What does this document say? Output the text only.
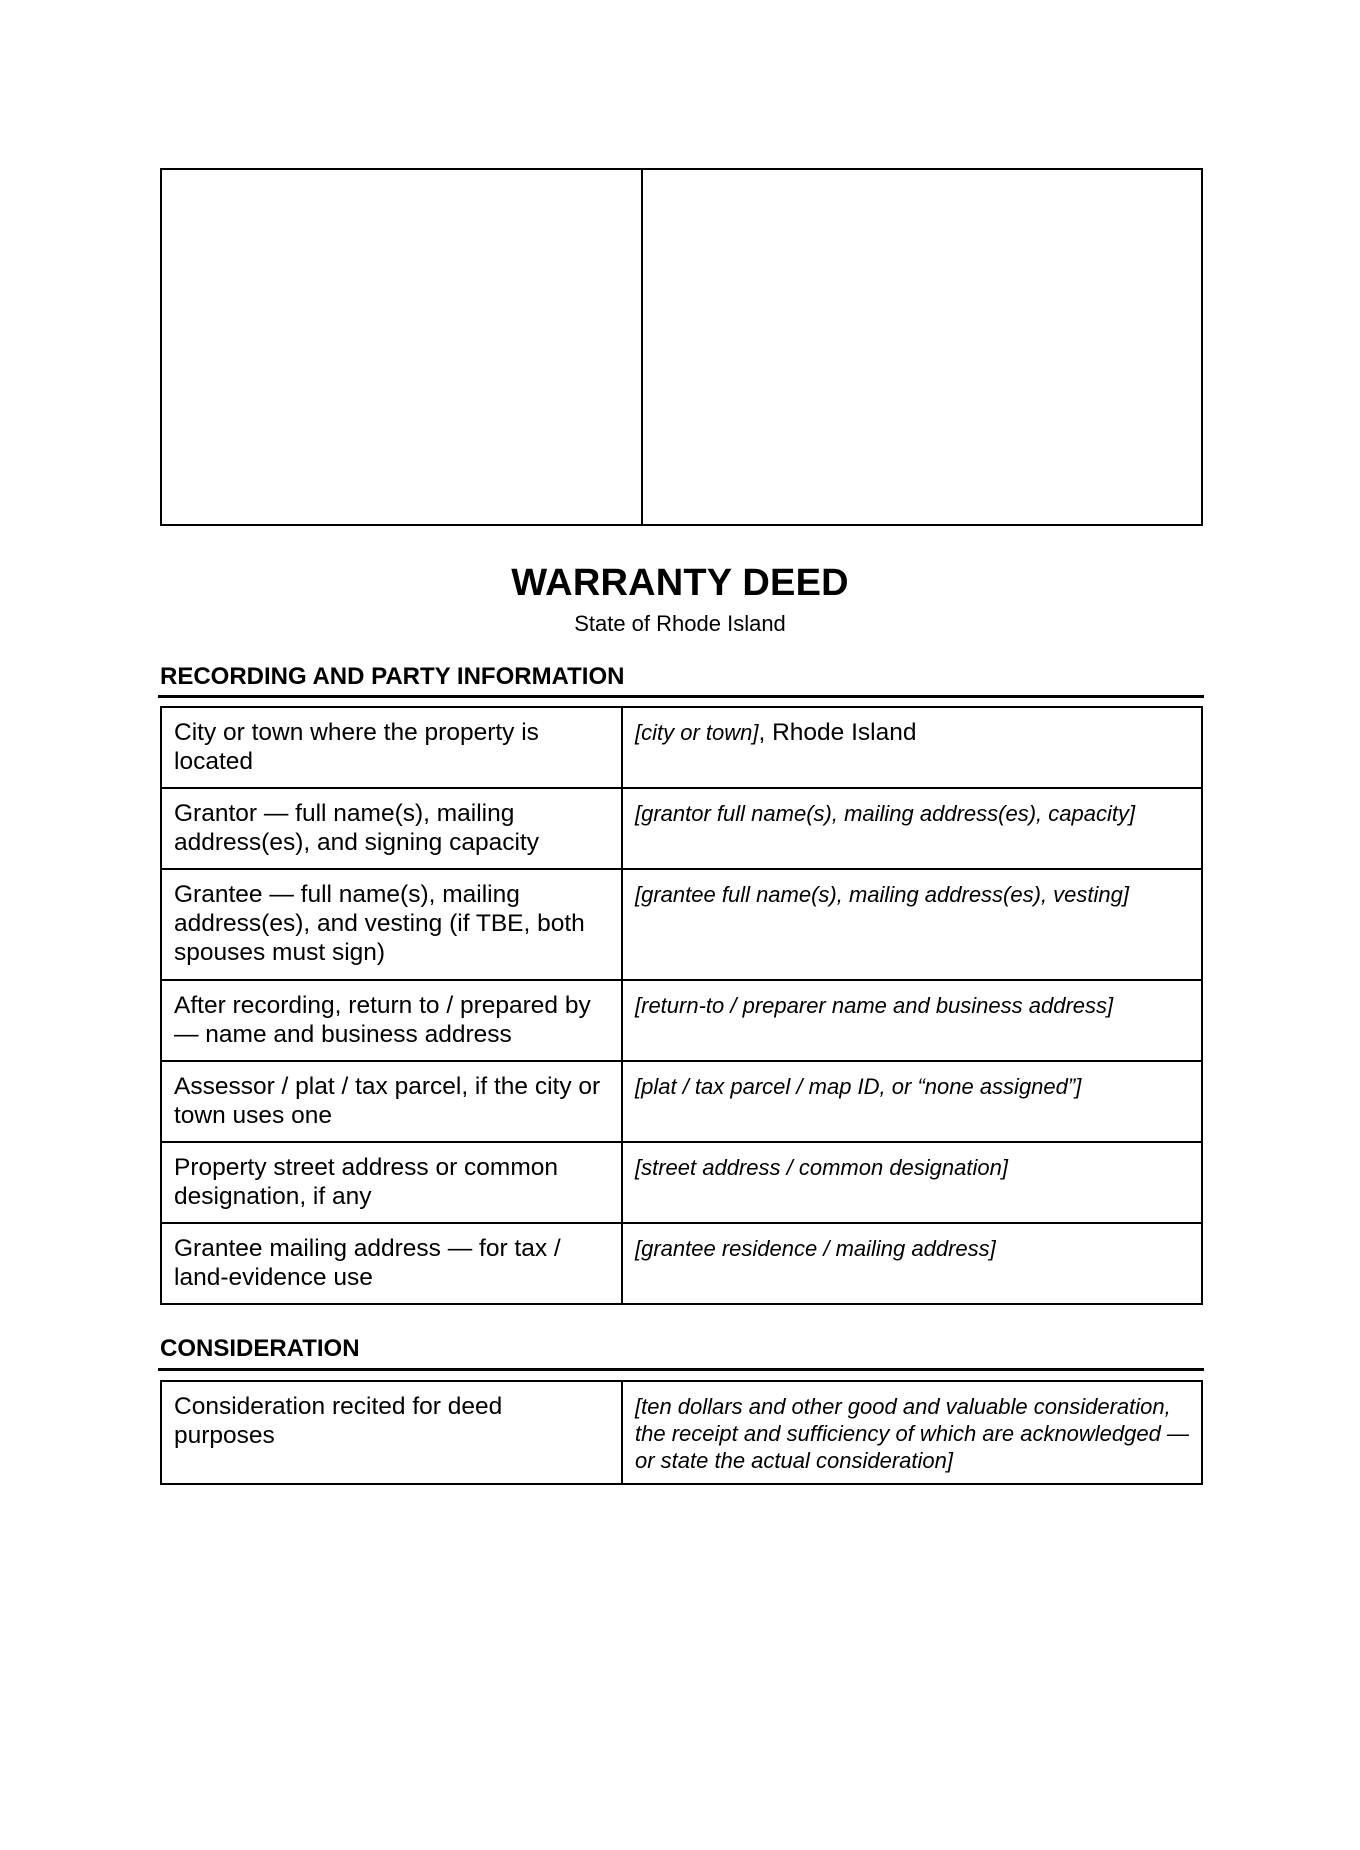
WARRANTY DEED
State of Rhode Island
RECORDING AND PARTY INFORMATION
City or town where the property is located	[city or town], Rhode Island
Grantor — full name(s), mailing address(es), and signing capacity	[grantor full name(s), mailing address(es), capacity]
Grantee — full name(s), mailing address(es), and vesting (if TBE, both spouses must sign)	[grantee full name(s), mailing address(es), vesting]
After recording, return to / prepared by — name and business address	[return-to / preparer name and business address]
Assessor / plat / tax parcel, if the city or town uses one	[plat / tax parcel / map ID, or “none assigned”]
Property street address or common designation, if any	[street address / common designation]
Grantee mailing address — for tax / land-evidence use	[grantee residence / mailing address]
CONSIDERATION
Consideration recited for deed purposes	[ten dollars and other good and valuable consideration, the receipt and sufficiency of which are acknowledged — or state the actual consideration]
